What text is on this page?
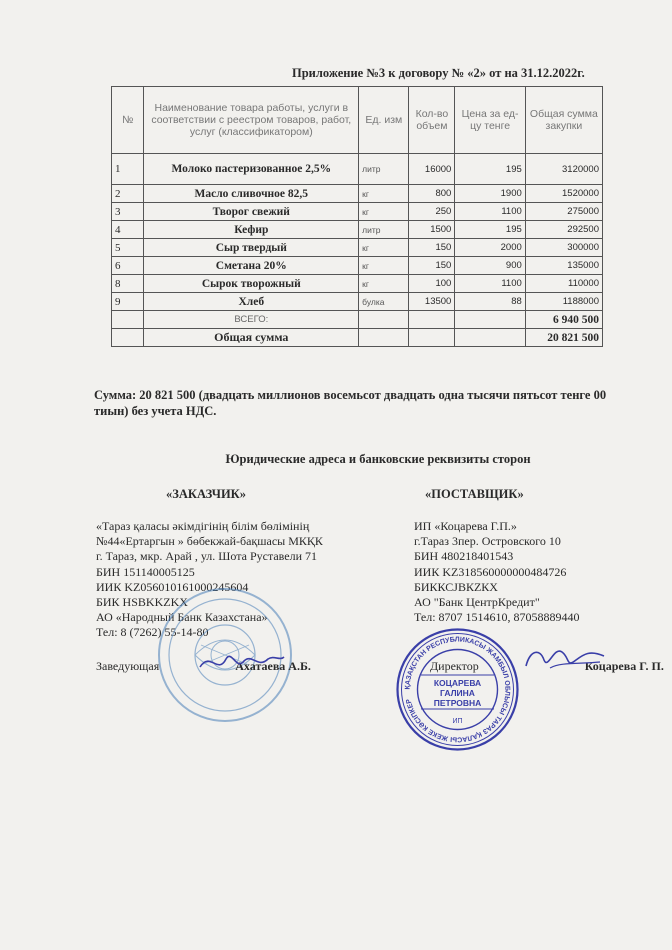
Приложение №3 к договору № «2» от на 31.12.2022г.
№	Наименование товара работы, услуги в соответствии с реестром товаров, работ, услуг (классификатором)	Ед. изм	Кол-во объем	Цена за ед-цу тенге	Общая сумма закупки
1	Молоко пастеризованное 2,5%	литр	16000	195	3120000
2	Масло сливочное 82,5	кг	800	1900	1520000
3	Творог свежий	кг	250	1100	275000
4	Кефир	литр	1500	195	292500
5	Сыр твердый	кг	150	2000	300000
6	Сметана 20%	кг	150	900	135000
8	Сырок творожный	кг	100	1100	110000
9	Хлеб	булка	13500	88	1188000
	ВСЕГО:				6 940 500
	Общая сумма				20 821 500
Сумма: 20 821 500 (двадцать миллионов восемьсот двадцать одна тысячи пятьсот тенге 00 тиын) без учета НДС.
Юридические адреса и банковские реквизиты сторон
«ЗАКАЗЧИК»	«ПОСТАВЩИК»
«Тараз қаласы әкімдігінің білім бөлімінің
№44«Ертаргын » бөбекжай-бақшасы МКҚК
г. Тараз, мкр. Арай , ул. Шота Руставели 71
БИН 151140005125
ИИК KZ056010161000245604
БИК HSBKKZKX
АО «Народный Банк Казахстана»
Тел: 8 (7262) 55-14-80
ИП «Коцарева Г.П.»
г.Тараз 3пер. Островского 10
БИН 480218401543
ИИК KZ318560000000484726
БИККСJВКZКХ
АО "Банк ЦентрКредит"
Тел: 8707 1514610, 87058889440
Заведующая	Ахатаева А.Б.
ҚАЗАҚСТАН РЕСПУБЛИКАСЫ ЖАМБЫЛ ОБЛЫСЫ ТАРАЗ ҚАЛАСЫ ЖЕКЕ КӘСІПКЕР
КОЦАРЕВА
ГАЛИНА
ПЕТРОВНА
ИП
Директор	Коцарева Г. П.
